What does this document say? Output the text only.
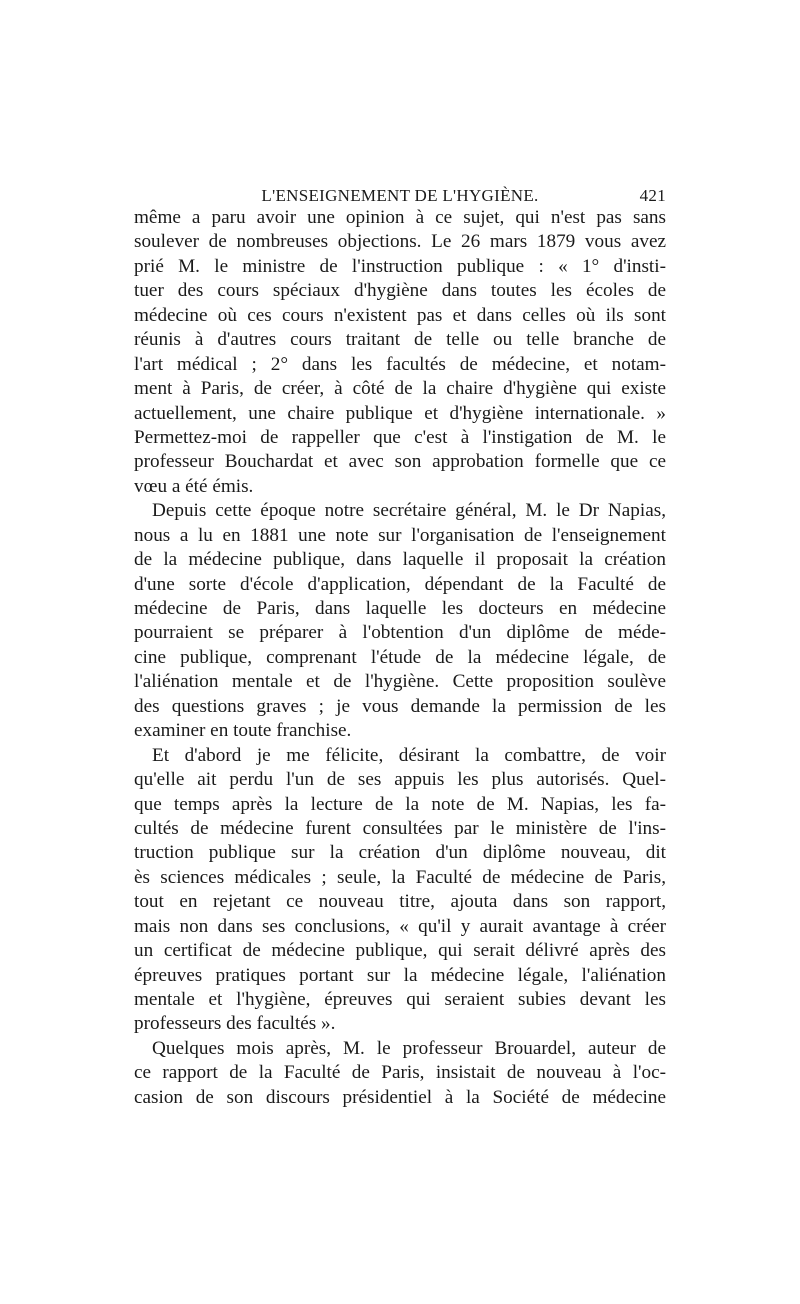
L'ENSEIGNEMENT DE L'HYGIÈNE.	421
même a paru avoir une opinion à ce sujet, qui n'est pas sans
soulever de nombreuses objections. Le 26 mars 1879 vous avez
prié M. le ministre de l'instruction publique : « 1° d'insti-
tuer des cours spéciaux d'hygiène dans toutes les écoles de
médecine où ces cours n'existent pas et dans celles où ils sont
réunis à d'autres cours traitant de telle ou telle branche de
l'art médical ; 2° dans les facultés de médecine, et notam-
ment à Paris, de créer, à côté de la chaire d'hygiène qui existe
actuellement, une chaire publique et d'hygiène internationale. »
Permettez-moi de rappeller que c'est à l'instigation de M. le
professeur Bouchardat et avec son approbation formelle que ce
vœu a été émis.
Depuis cette époque notre secrétaire général, M. le Dr Napias,
nous a lu en 1881 une note sur l'organisation de l'enseignement
de la médecine publique, dans laquelle il proposait la création
d'une sorte d'école d'application, dépendant de la Faculté de
médecine de Paris, dans laquelle les docteurs en médecine
pourraient se préparer à l'obtention d'un diplôme de méde-
cine publique, comprenant l'étude de la médecine légale, de
l'aliénation mentale et de l'hygiène. Cette proposition soulève
des questions graves ; je vous demande la permission de les
examiner en toute franchise.
Et d'abord je me félicite, désirant la combattre, de voir
qu'elle ait perdu l'un de ses appuis les plus autorisés. Quel-
que temps après la lecture de la note de M. Napias, les fa-
cultés de médecine furent consultées par le ministère de l'ins-
truction publique sur la création d'un diplôme nouveau, dit
ès sciences médicales ; seule, la Faculté de médecine de Paris,
tout en rejetant ce nouveau titre, ajouta dans son rapport,
mais non dans ses conclusions, « qu'il y aurait avantage à créer
un certificat de médecine publique, qui serait délivré après des
épreuves pratiques portant sur la médecine légale, l'aliénation
mentale et l'hygiène, épreuves qui seraient subies devant les
professeurs des facultés ».
Quelques mois après, M. le professeur Brouardel, auteur de
ce rapport de la Faculté de Paris, insistait de nouveau à l'oc-
casion de son discours présidentiel à la Société de médecine
